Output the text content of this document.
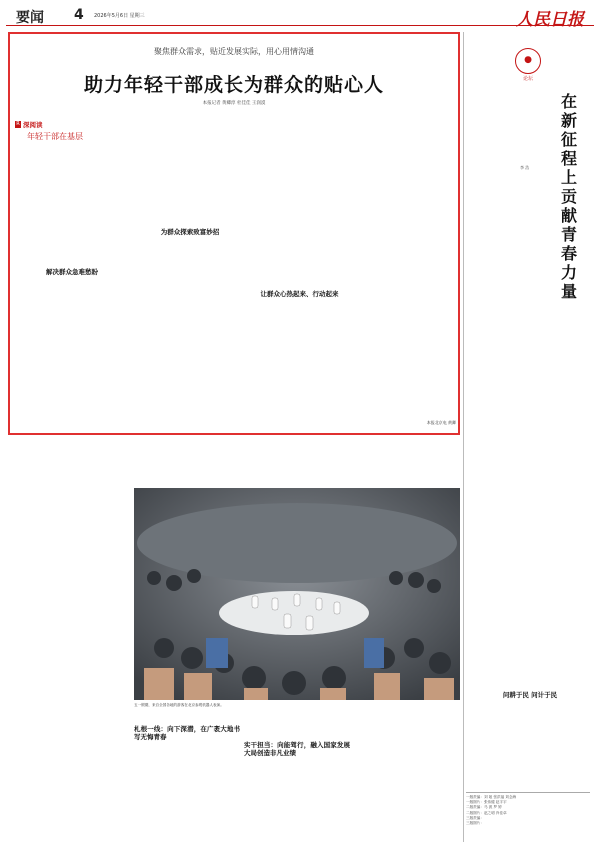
要闻 4 2026年5月6日 星期三	人民日报
聚焦群众需求，贴近发展实际，用心用情沟通
助力年轻干部成长为群众的贴心人
本报记者 黄卿淳 杜佳佳 王润漠
R 深阅读
年轻干部在基层
解决群众急难愁盼
为群众探索致富妙招
让群众心热起来、行动起来
本报北京电 黄卿
●
论坛
在新征程上贡献青春力量
李 浩
五一假期，来自全国各地的游客在北京参观机器人表演。
札根一线：向下深潜，在广袤大地书写无悔青春
实干担当：向能驾行，融入国家发展大局创造非凡业绩
问耕于民 问计于民
一版责编：刘 姐 张洪福 刘念海
一版图片：张伟健 赵宇宇
二版责编：马 波 罗 婷
二版图片：赵之明 肖佳卓
三版责编：
三版图片：
